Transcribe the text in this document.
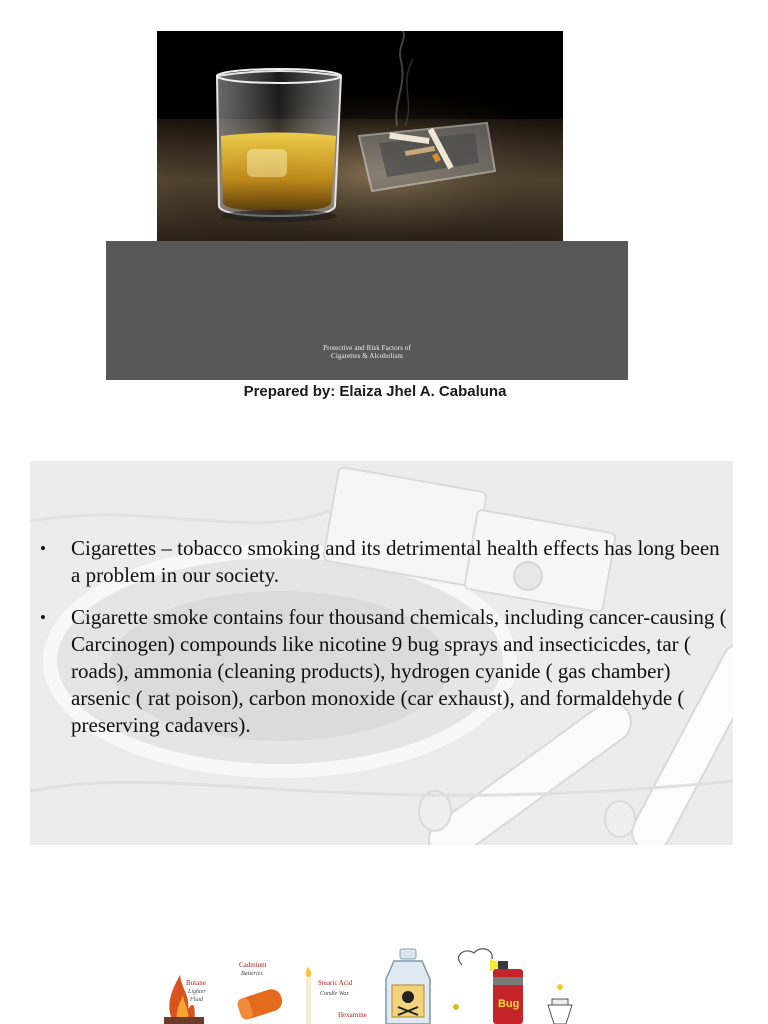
Protective and Risk Factors of
Cigarettes & Alcoholism
Prepared by: Elaiza Jhel A. Cabaluna
•	Cigarettes – tobacco smoking and its detrimental health effects has long been a problem in our society.
•	Cigarette smoke contains four thousand chemicals, including cancer-causing ( Carcinogen) compounds like nicotine 9 bug sprays and insecticicdes, tar ( roads), ammonia (cleaning products), hydrogen cyanide ( gas chamber) arsenic ( rat poison), carbon monoxide (car exhaust), and formaldehyde ( preserving cadavers).
Butane
Lighter
Fluid
Cadmium
Batteries
Stearic Acid
Candle Wax
Hexamine
Bug
